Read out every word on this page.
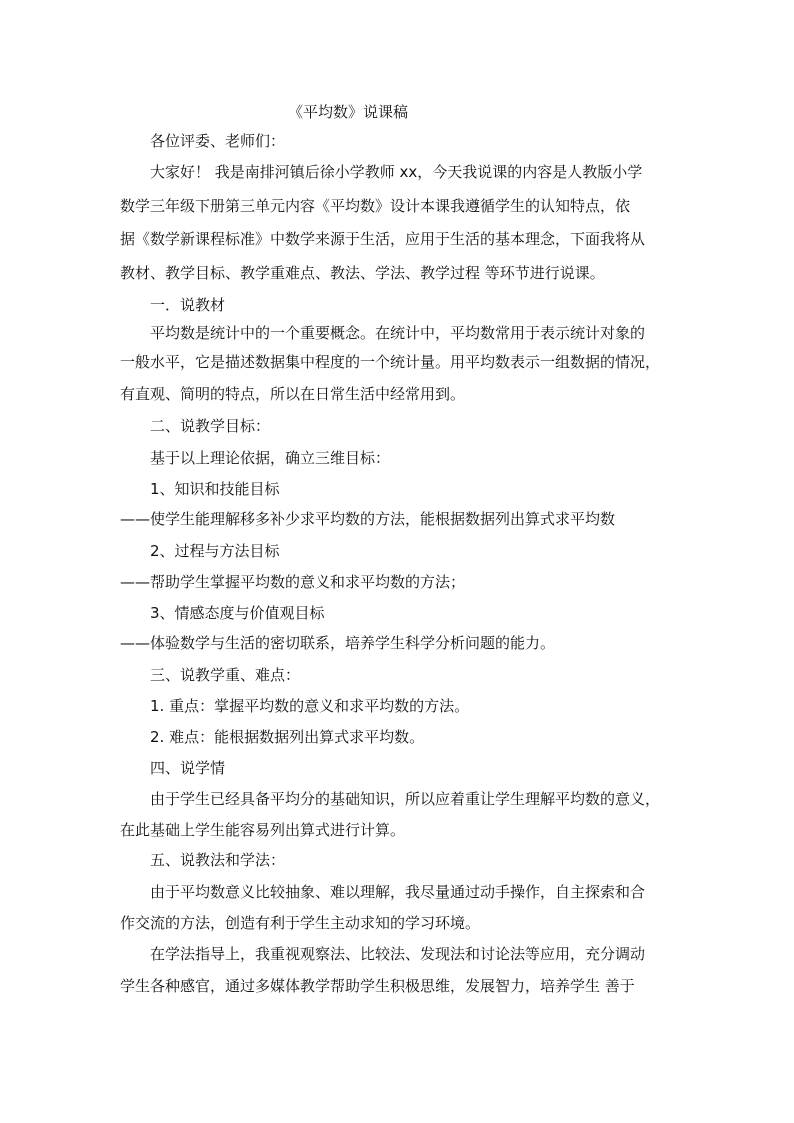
《平均数》说课稿
各位评委、老师们：
大家好！ 我是南排河镇后徐小学教师 xx，今天我说课的内容是人教版小学
数学三年级下册第三单元内容《平均数》设计本课我遵循学生的认知特点，依
据《数学新课程标准》中数学来源于生活，应用于生活的基本理念，下面我将从
教材、教学目标、教学重难点、教法、学法、教学过程 等环节进行说课。
一．说教材
平均数是统计中的一个重要概念。在统计中，平均数常用于表示统计对象的
一般水平，它是描述数据集中程度的一个统计量。用平均数表示一组数据的情况，
有直观、简明的特点，所以在日常生活中经常用到。
二、说教学目标：
基于以上理论依据，确立三维目标：
1、知识和技能目标
——使学生能理解移多补少求平均数的方法，能根据数据列出算式求平均数
2、过程与方法目标
——帮助学生掌握平均数的意义和求平均数的方法；
3、情感态度与价值观目标
——体验数学与生活的密切联系，培养学生科学分析问题的能力。
三、说教学重、难点：
1. 重点：掌握平均数的意义和求平均数的方法。
2. 难点：能根据数据列出算式求平均数。
四、说学情
由于学生已经具备平均分的基础知识，所以应着重让学生理解平均数的意义，
在此基础上学生能容易列出算式进行计算。
五、说教法和学法：
由于平均数意义比较抽象、难以理解，我尽量通过动手操作，自主探索和合
作交流的方法，创造有利于学生主动求知的学习环境。
在学法指导上，我重视观察法、比较法、发现法和讨论法等应用，充分调动
学生各种感官，通过多媒体教学帮助学生积极思维，发展智力，培养学生 善于
